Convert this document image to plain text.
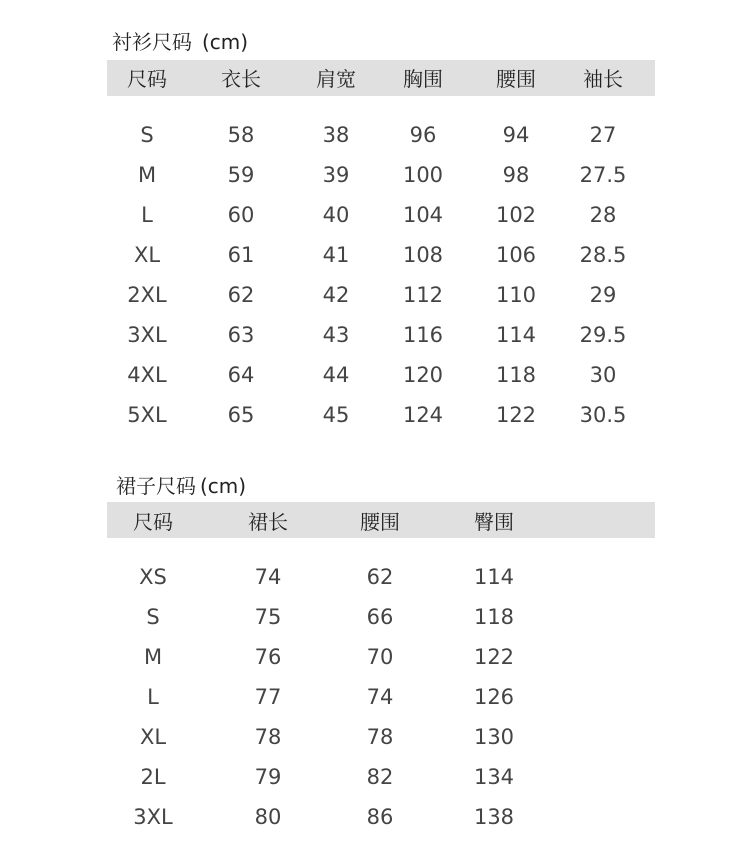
衬衫尺码 (cm)
尺码	衣长	肩宽 胸围	腰围 袖长
S	58	38	96	94	27
M	59	39	100	98 27.5
L	60	40	104	102	28
XL	61	41	108	106 28.5
2XL	62	42	112	110	29
3XL	63	43	116	114 29.5
4XL	64	44	120	118	30
5XL	65	45	124	122 30.5
裙子尺码 (cm)
尺码	裙长	腰围	臀围
XS	74	62	114
S	75	66	118
M	76	70	122
L	77	74	126
XL	78	78	130
2L	79	82	134
3XL	80	86	138
